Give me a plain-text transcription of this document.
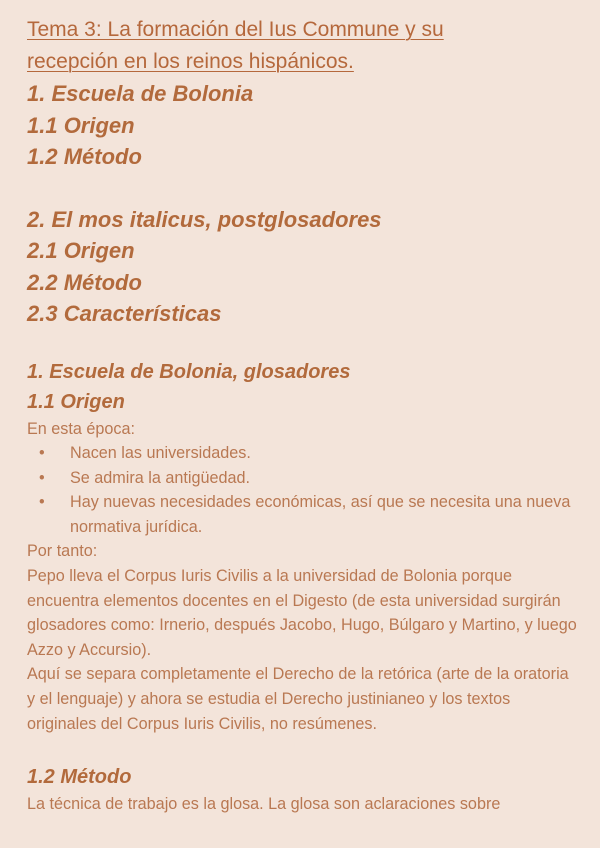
Tema 3: La formación del Ius Commune y su
recepción en los reinos hispánicos.

1. Escuela de Bolonia

1.1 Origen

1.2 Método

2. El mos italicus, postglosadores

2.1 Origen

2.2 Método

2.3 Características

1. Escuela de Bolonia, glosadores

1.1 Origen

En esta época:

• Nacen las universidades.
• Se admira la antigüedad.
• Hay nuevas necesidades económicas, así que se necesita una nueva normativa jurídica.

Por tanto:

Pepo lleva el Corpus Iuris Civilis a la universidad de Bolonia porque encuentra elementos docentes en el Digesto (de esta universidad surgirán glosadores como: Irnerio, después Jacobo, Hugo, Búlgaro y Martino, y luego Azzo y Accursio).

Aquí se separa completamente el Derecho de la retórica (arte de la oratoria y el lenguaje) y ahora se estudia el Derecho justinianeo y los textos originales del Corpus Iuris Civilis, no resúmenes.

1.2 Método

La técnica de trabajo es la glosa. La glosa son aclaraciones sobre
